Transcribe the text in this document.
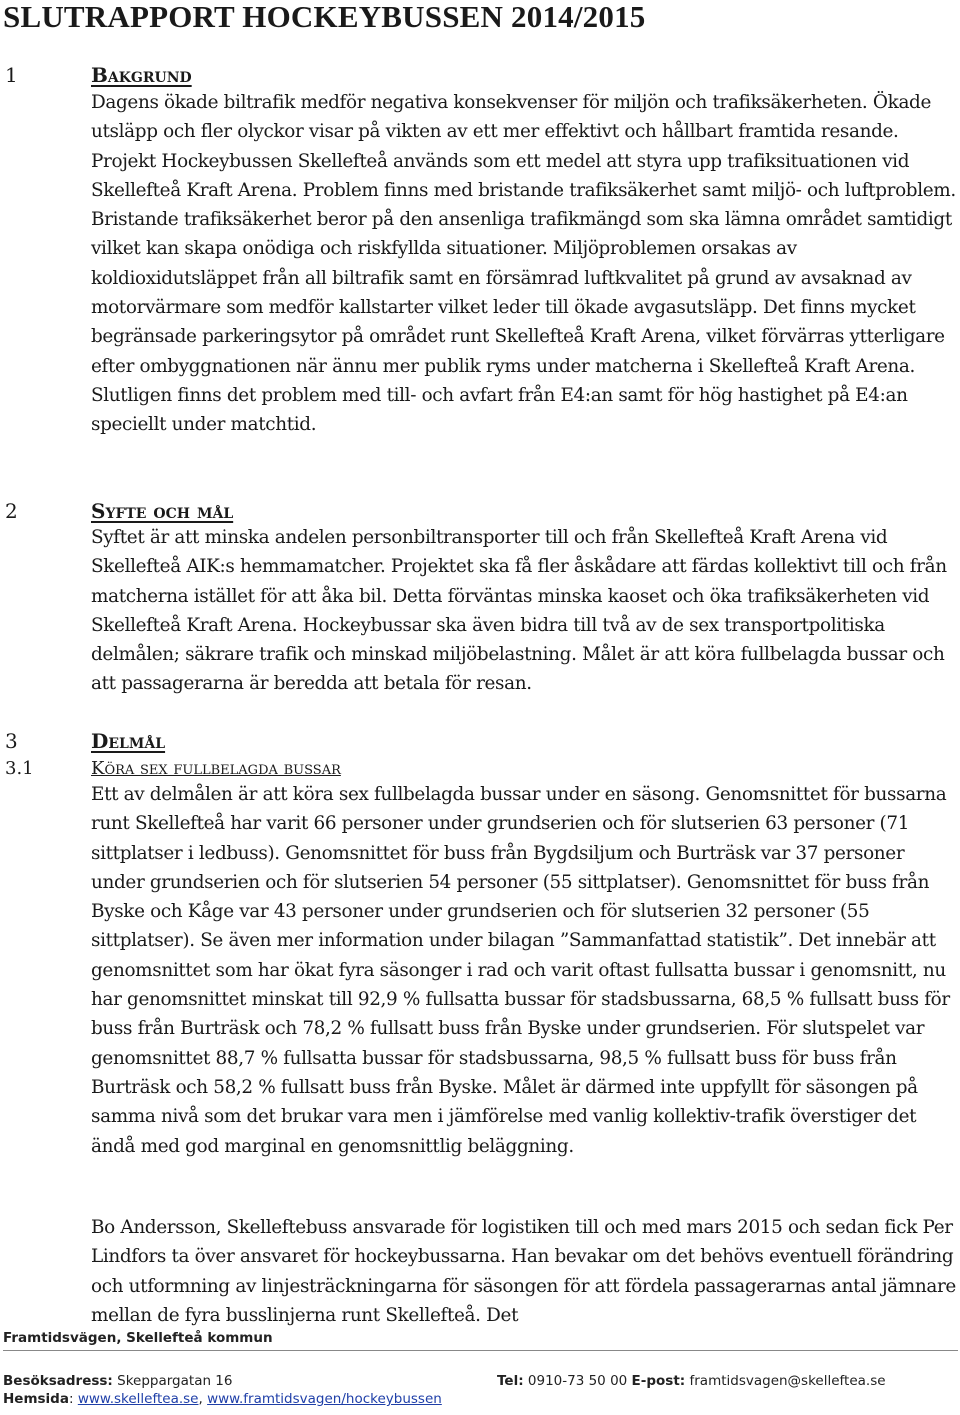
SLUTRAPPORT HOCKEYBUSSEN 2014/2015
1	Bakgrund

Dagens ökade biltrafik medför negativa konsekvenser för miljön och trafiksäkerheten. Ökade utsläpp och fler olyckor visar på vikten av ett mer effektivt och hållbart framtida resande. Projekt Hockeybussen Skellefteå används som ett medel att styra upp trafiksituationen vid Skellefteå Kraft Arena. Problem finns med bristande trafiksäkerhet samt miljö- och luftproblem. Bristande trafiksäkerhet beror på den ansenliga trafikmängd som ska lämna området samtidigt vilket kan skapa onödiga och riskfyllda situationer. Miljöproblemen orsakas av koldioxidutsläppet från all biltrafik samt en försämrad luftkvalitet på grund av avsaknad av motorvärmare som medför kallstarter vilket leder till ökade avgasutsläpp. Det finns mycket begränsade parkeringsytor på området runt Skellefteå Kraft Arena, vilket förvärras ytterligare efter ombyggnationen när ännu mer publik ryms under matcherna i Skellefteå Kraft Arena. Slutligen finns det problem med till- och avfart från E4:an samt för hög hastighet på E4:an speciellt under matchtid.

2	Syfte och mål

Syftet är att minska andelen personbiltransporter till och från Skellefteå Kraft Arena vid Skellefteå AIK:s hemmamatcher. Projektet ska få fler åskådare att färdas kollektivt till och från matcherna istället för att åka bil. Detta förväntas minska kaoset och öka trafiksäkerheten vid Skellefteå Kraft Arena. Hockeybussar ska även bidra till två av de sex transportpolitiska delmålen; säkrare trafik och minskad miljöbelastning. Målet är att köra fullbelagda bussar och att passagerarna är beredda att betala för resan.

3	Delmål
3.1	Köra sex fullbelagda bussar

Ett av delmålen är att köra sex fullbelagda bussar under en säsong. Genomsnittet för bussarna runt Skellefteå har varit 66 personer under grundserien och för slutserien 63 personer (71 sittplatser i ledbuss). Genomsnittet för buss från Bygdsiljum och Burträsk var 37 personer under grundserien och för slutserien 54 personer (55 sittplatser). Genomsnittet för buss från Byske och Kåge var 43 personer under grundserien och för slutserien 32 personer (55 sittplatser). Se även mer information under bilagan ”Sammanfattad statistik”. Det innebär att genomsnittet som har ökat fyra säsonger i rad och varit oftast fullsatta bussar i genomsnitt, nu har genomsnittet minskat till 92,9 % fullsatta bussar för stadsbussarna, 68,5 % fullsatt buss för buss från Burträsk och 78,2 % fullsatt buss från Byske under grundserien. För slutspelet var genomsnittet 88,7 % fullsatta bussar för stadsbussarna, 98,5 % fullsatt buss för buss från Burträsk och 58,2 % fullsatt buss från Byske. Målet är därmed inte uppfyllt för säsongen på samma nivå som det brukar vara men i jämförelse med vanlig kollektiv-trafik överstiger det ändå med god marginal en genomsnittlig beläggning.

Bo Andersson, Skelleftebuss ansvarade för logistiken till och med mars 2015 och sedan fick Per Lindfors ta över ansvaret för hockeybussarna. Han bevakar om det behövs eventuell förändring och utformning av linjesträckningarna för säsongen för att fördela passagerarnas antal jämnare mellan de fyra busslinjerna runt Skellefteå. Det

Framtidsvägen, Skellefteå kommun
Besöksadress: Skeppargatan 16	Tel: 0910-73 50 00 E-post: framtidsvagen@skelleftea.se
Hemsida: www.skelleftea.se, www.framtidsvagen/hockeybussen
